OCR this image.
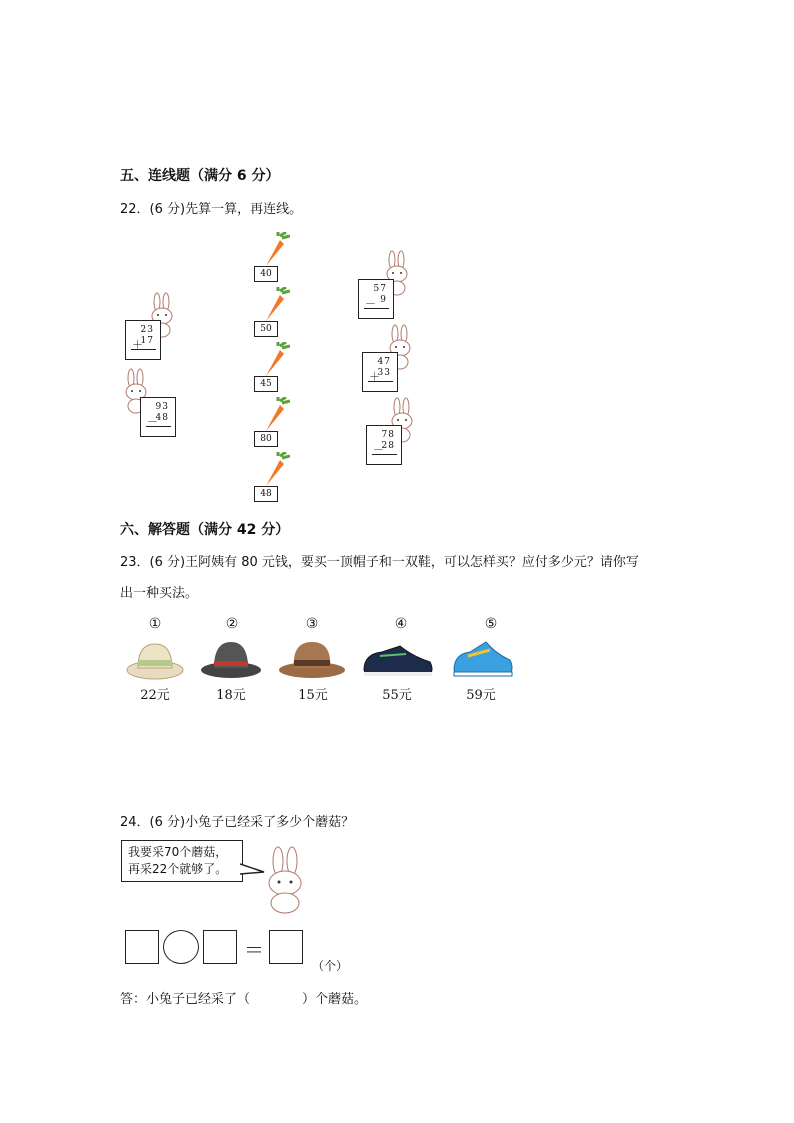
五、连线题（满分 6 分）
22．(6 分)先算一算，再连线。
23
＋
17
93
－
48
40
50
45
80
48
57
－ 9
47
＋
33
78
－
28
六、解答题（满分 42 分）
23．(6 分)王阿姨有 80 元钱，要买一顶帽子和一双鞋，可以怎样买？应付多少元？请你写
出一种买法。
①
22元
②
18元
③
15元
④
55元
⑤
59元
24．(6 分)小兔子已经采了多少个蘑菇？
我要采70个蘑菇，
再采22个就够了。
＝
（个）
答：小兔子已经采了（　　　　）个蘑菇。
